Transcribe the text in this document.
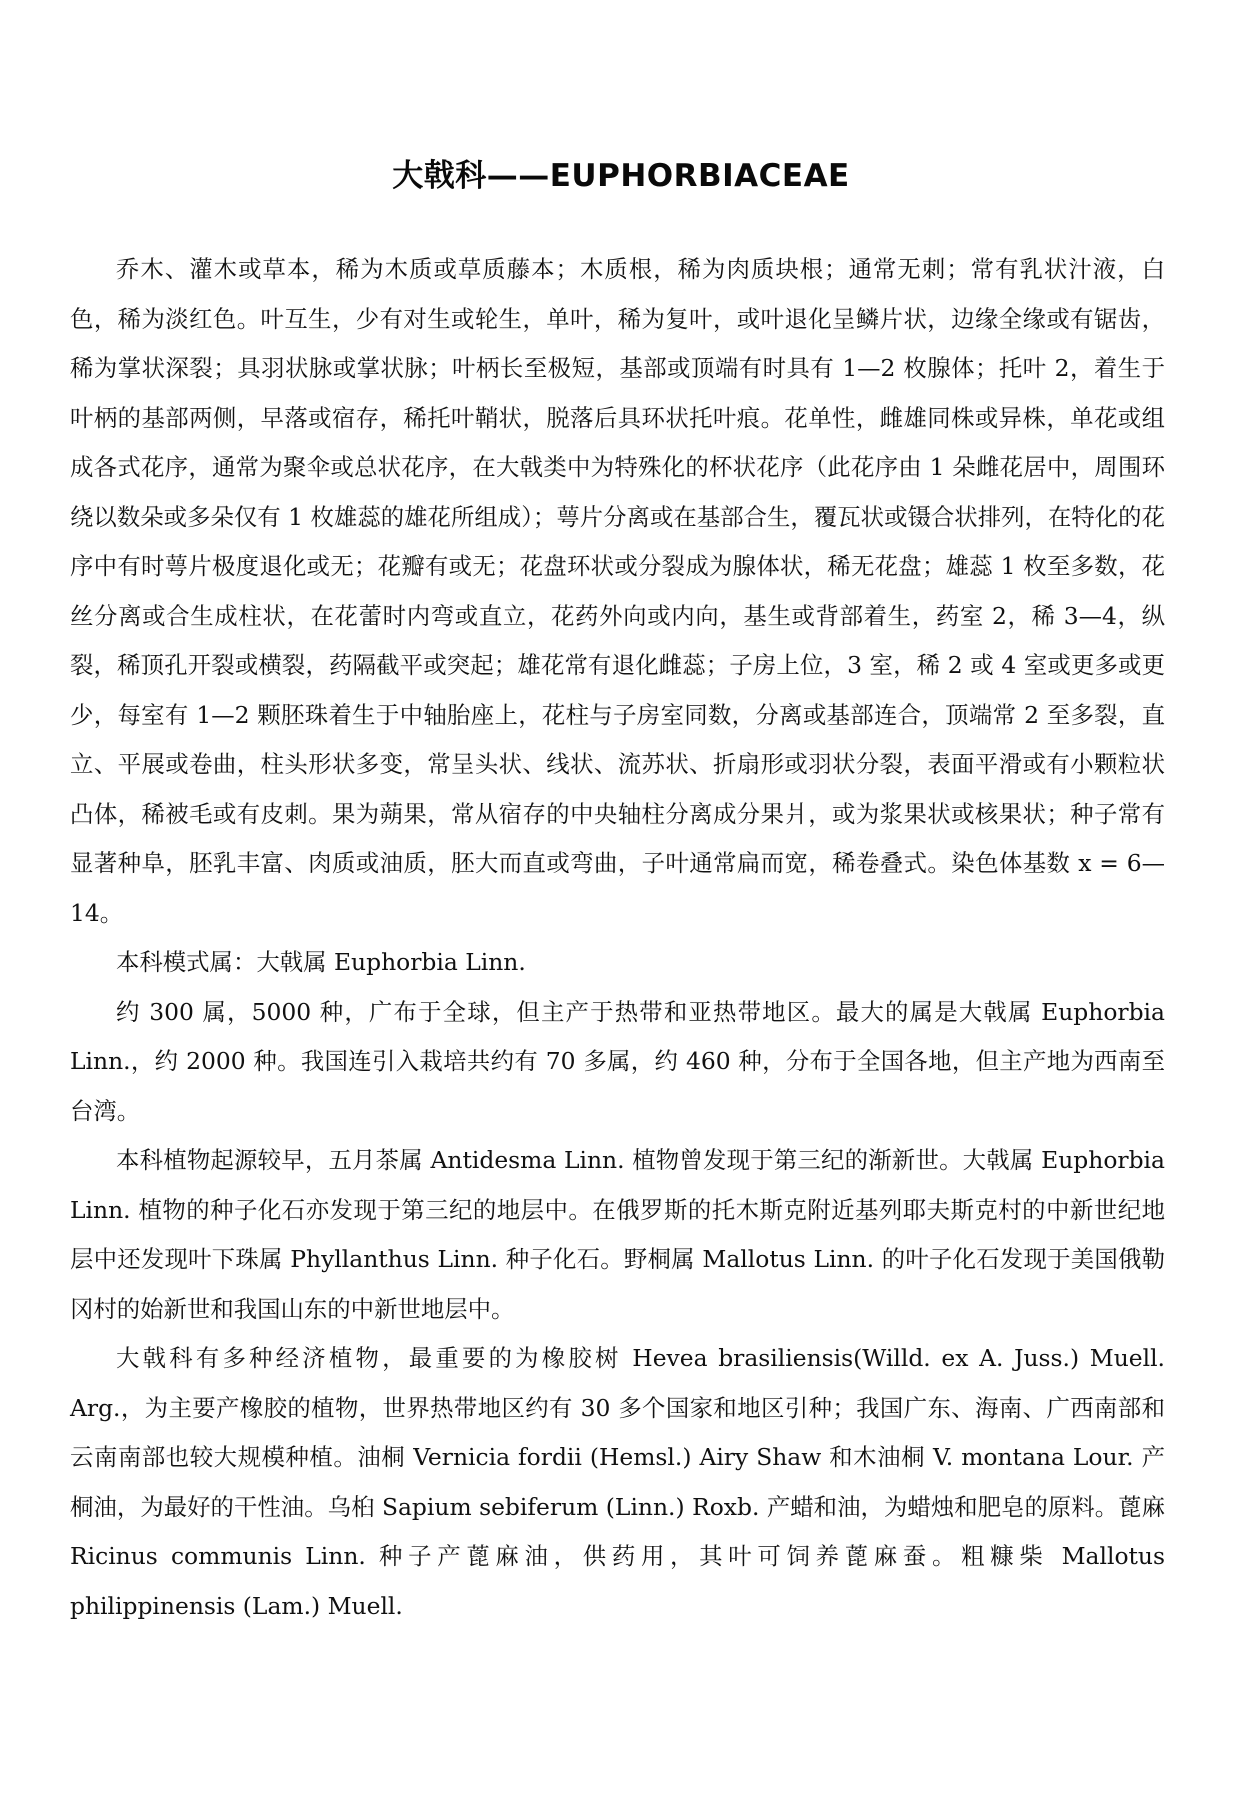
大戟科——EUPHORBIACEAE

乔木、灌木或草本，稀为木质或草质藤本；木质根，稀为肉质块根；通常无刺；常有乳状汁液，白色，稀为淡红色。叶互生，少有对生或轮生，单叶，稀为复叶，或叶退化呈鳞片状，边缘全缘或有锯齿，稀为掌状深裂；具羽状脉或掌状脉；叶柄长至极短，基部或顶端有时具有 1—2 枚腺体；托叶 2，着生于叶柄的基部两侧，早落或宿存，稀托叶鞘状，脱落后具环状托叶痕。花单性，雌雄同株或异株，单花或组成各式花序，通常为聚伞或总状花序，在大戟类中为特殊化的杯状花序（此花序由 1 朵雌花居中，周围环绕以数朵或多朵仅有 1 枚雄蕊的雄花所组成）；萼片分离或在基部合生，覆瓦状或镊合状排列，在特化的花序中有时萼片极度退化或无；花瓣有或无；花盘环状或分裂成为腺体状，稀无花盘；雄蕊 1 枚至多数，花丝分离或合生成柱状，在花蕾时内弯或直立，花药外向或内向，基生或背部着生，药室 2，稀 3—4，纵裂，稀顶孔开裂或横裂，药隔截平或突起；雄花常有退化雌蕊；子房上位，3 室，稀 2 或 4 室或更多或更少，每室有 1—2 颗胚珠着生于中轴胎座上，花柱与子房室同数，分离或基部连合，顶端常 2 至多裂，直立、平展或卷曲，柱头形状多变，常呈头状、线状、流苏状、折扇形或羽状分裂，表面平滑或有小颗粒状凸体，稀被毛或有皮刺。果为蒴果，常从宿存的中央轴柱分离成分果爿，或为浆果状或核果状；种子常有显著种阜，胚乳丰富、肉质或油质，胚大而直或弯曲，子叶通常扁而宽，稀卷叠式。染色体基数 x = 6—14。

本科模式属：大戟属 Euphorbia Linn.

约 300 属，5000 种，广布于全球，但主产于热带和亚热带地区。最大的属是大戟属 Euphorbia Linn.，约 2000 种。我国连引入栽培共约有 70 多属，约 460 种，分布于全国各地，但主产地为西南至台湾。

本科植物起源较早，五月茶属 Antidesma Linn. 植物曾发现于第三纪的渐新世。大戟属 Euphorbia Linn. 植物的种子化石亦发现于第三纪的地层中。在俄罗斯的托木斯克附近基列耶夫斯克村的中新世纪地层中还发现叶下珠属 Phyllanthus Linn. 种子化石。野桐属 Mallotus Linn. 的叶子化石发现于美国俄勒冈村的始新世和我国山东的中新世地层中。

大戟科有多种经济植物，最重要的为橡胶树 Hevea brasiliensis(Willd. ex A. Juss.) Muell. Arg.，为主要产橡胶的植物，世界热带地区约有 30 多个国家和地区引种；我国广东、海南、广西南部和云南南部也较大规模种植。油桐 Vernicia fordii (Hemsl.) Airy Shaw 和木油桐 V. montana Lour. 产桐油，为最好的干性油。乌桕 Sapium sebiferum (Linn.) Roxb. 产蜡和油，为蜡烛和肥皂的原料。蓖麻 Ricinus communis Linn. 种子产蓖麻油，供药用，其叶可饲养蓖麻蚕。粗糠柴 Mallotus philippinensis (Lam.) Muell.
